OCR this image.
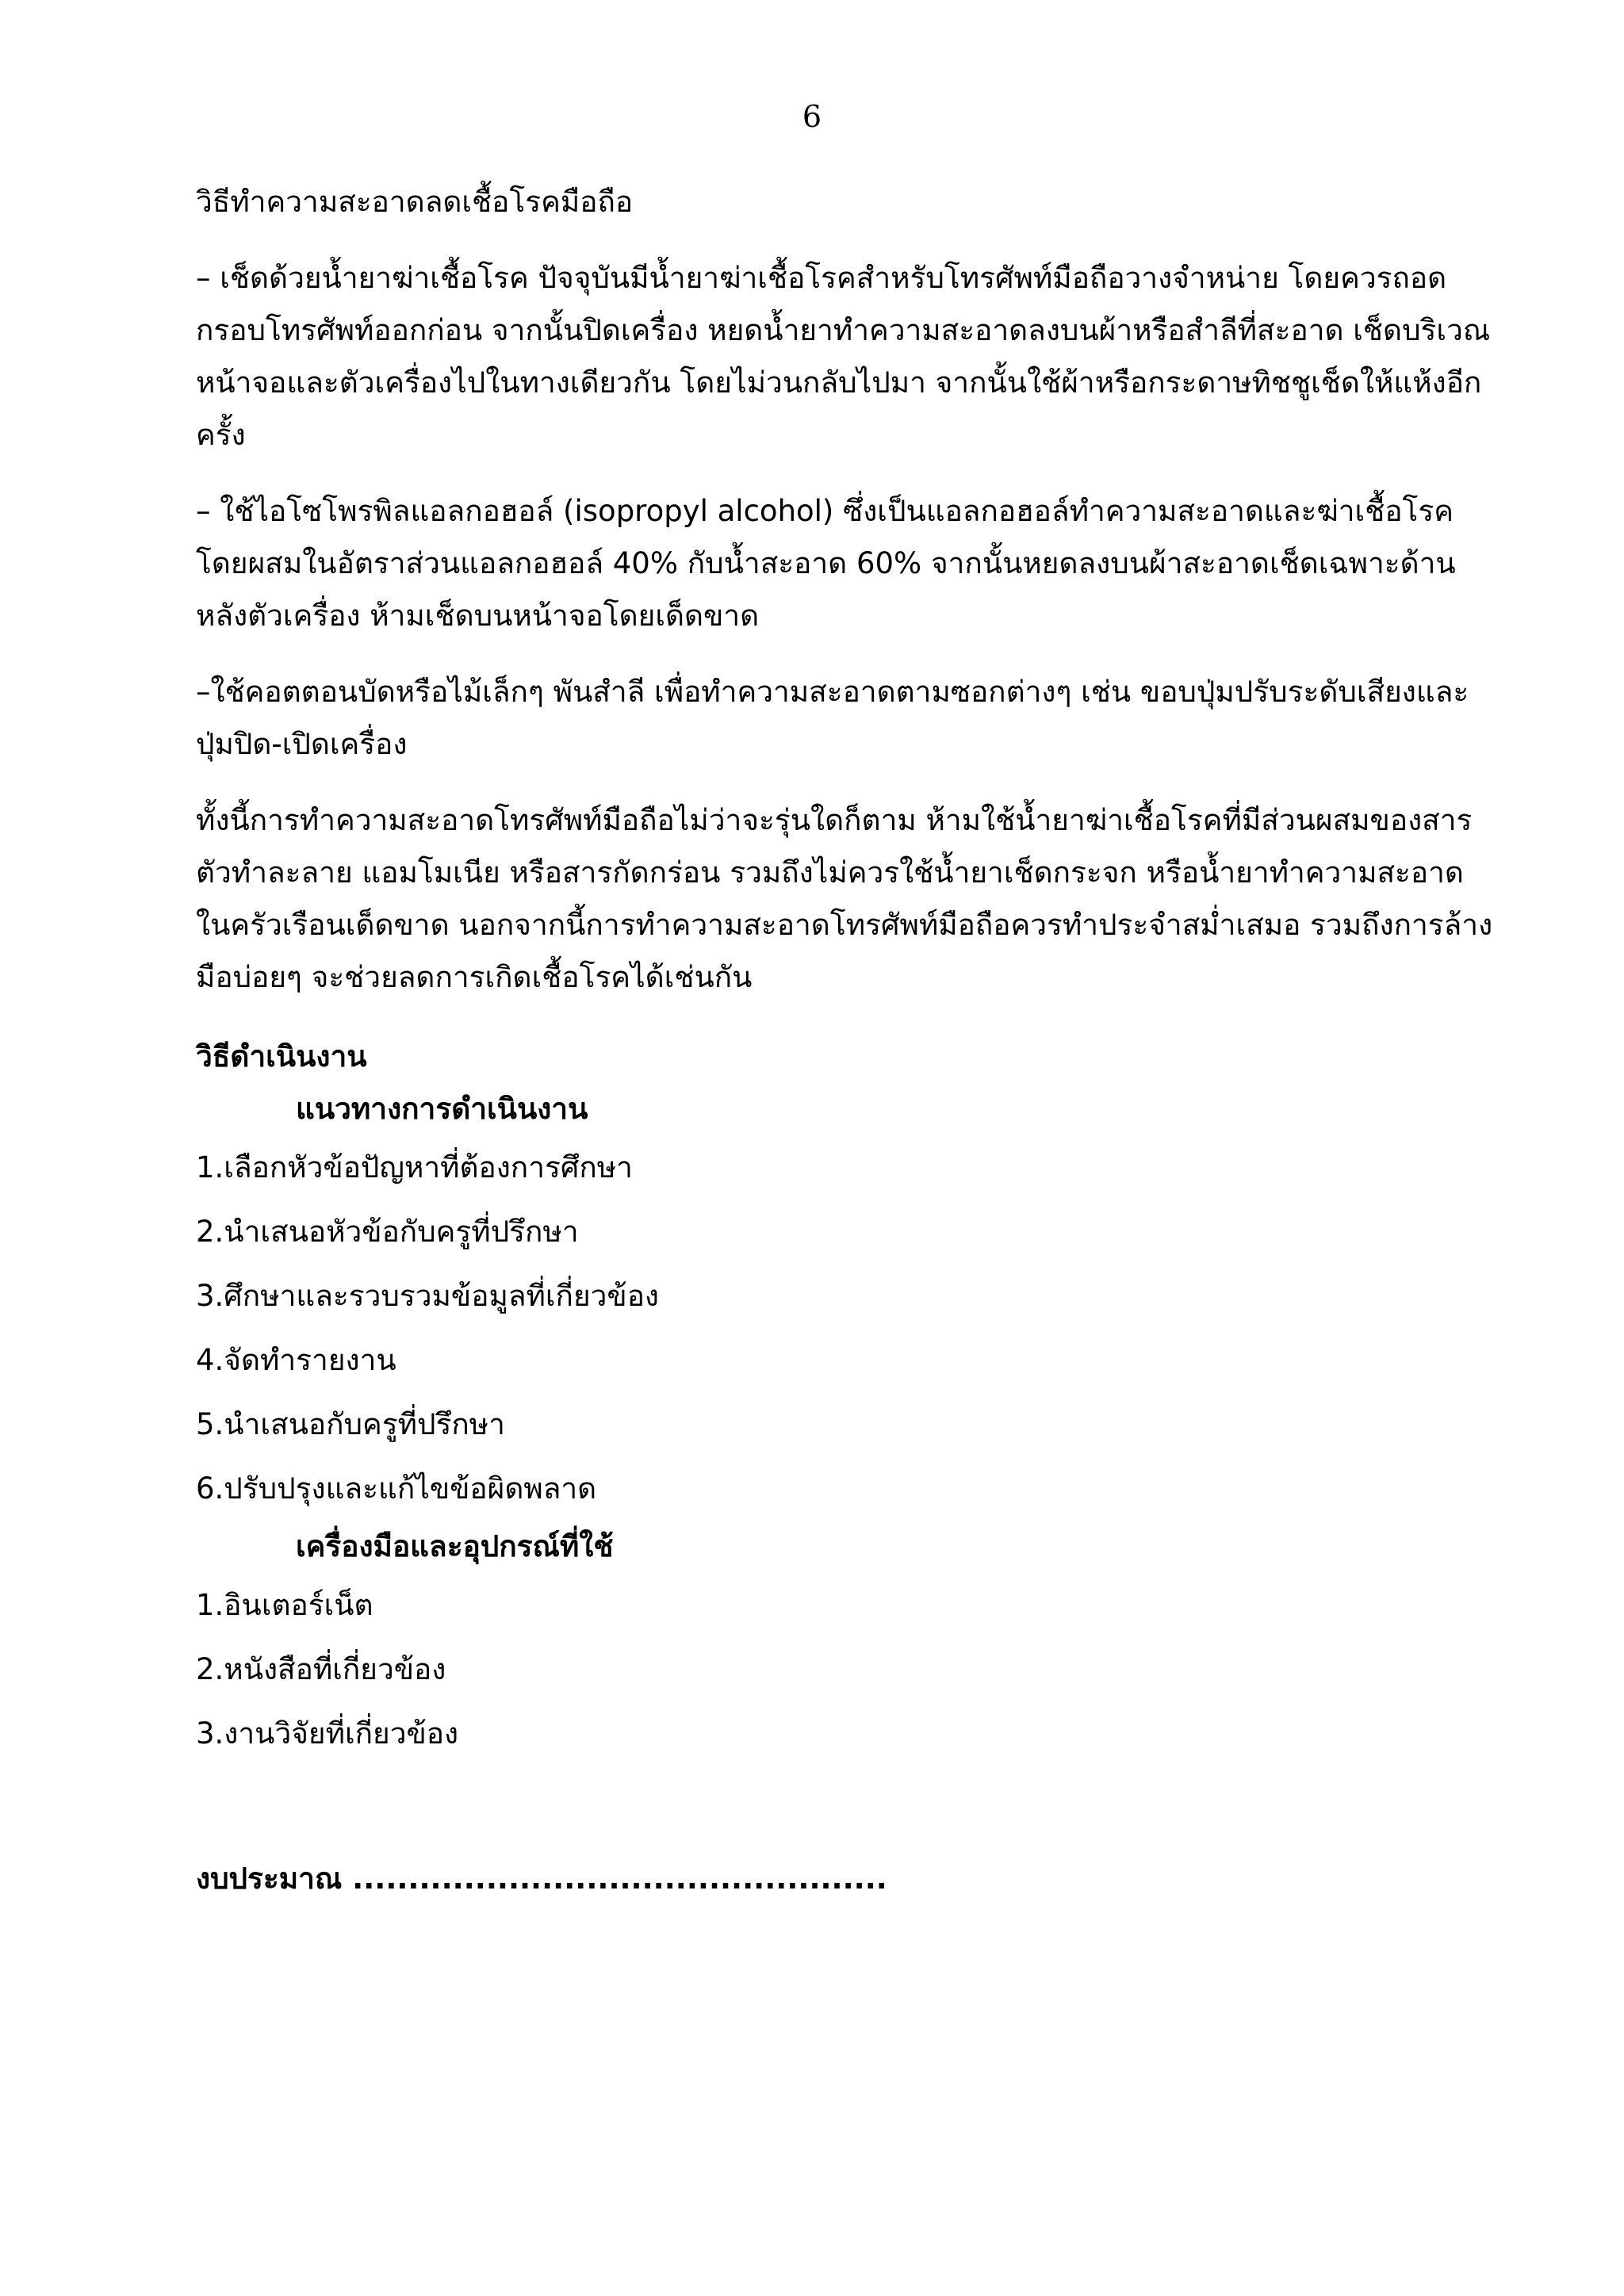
6

วิธีทำความสะอาดลดเชื้อโรคมือถือ

– เช็ดด้วยน้ำยาฆ่าเชื้อโรค ปัจจุบันมีน้ำยาฆ่าเชื้อโรคสำหรับโทรศัพท์มือถือวางจำหน่าย โดยควรถอดกรอบโทรศัพท์ออกก่อน จากนั้นปิดเครื่อง หยดน้ำยาทำความสะอาดลงบนผ้าหรือสำลีที่สะอาด เช็ดบริเวณหน้าจอและตัวเครื่องไปในทางเดียวกัน โดยไม่วนกลับไปมา จากนั้นใช้ผ้าหรือกระดาษทิชชูเช็ดให้แห้งอีกครั้ง

– ใช้ไอโซโพรพิลแอลกอฮอล์ (isopropyl alcohol) ซึ่งเป็นแอลกอฮอล์ทำความสะอาดและฆ่าเชื้อโรค โดยผสมในอัตราส่วนแอลกอฮอล์ 40% กับน้ำสะอาด 60% จากนั้นหยดลงบนผ้าสะอาดเช็ดเฉพาะด้านหลังตัวเครื่อง ห้ามเช็ดบนหน้าจอโดยเด็ดขาด

–ใช้คอตตอนบัดหรือไม้เล็กๆ พันสำลี เพื่อทำความสะอาดตามซอกต่างๆ เช่น ขอบปุ่มปรับระดับเสียงและปุ่มปิด-เปิดเครื่อง

ทั้งนี้การทำความสะอาดโทรศัพท์มือถือไม่ว่าจะรุ่นใดก็ตาม ห้ามใช้น้ำยาฆ่าเชื้อโรคที่มีส่วนผสมของสารตัวทำละลาย แอมโมเนีย หรือสารกัดกร่อน รวมถึงไม่ควรใช้น้ำยาเช็ดกระจก หรือน้ำยาทำความสะอาดในครัวเรือนเด็ดขาด นอกจากนี้การทำความสะอาดโทรศัพท์มือถือควรทำประจำสม่ำเสมอ รวมถึงการล้างมือบ่อยๆ จะช่วยลดการเกิดเชื้อโรคได้เช่นกัน

วิธีดำเนินงาน

แนวทางการดำเนินงาน

1.เลือกหัวข้อปัญหาที่ต้องการศึกษา
2.นำเสนอหัวข้อกับครูที่ปรึกษา
3.ศึกษาและรวบรวมข้อมูลที่เกี่ยวข้อง
4.จัดทำรายงาน
5.นำเสนอกับครูที่ปรึกษา
6.ปรับปรุงและแก้ไขข้อผิดพลาด

เครื่องมือและอุปกรณ์ที่ใช้

1.อินเตอร์เน็ต
2.หนังสือที่เกี่ยวข้อง
3.งานวิจัยที่เกี่ยวข้อง

งบประมาณ ................................................
